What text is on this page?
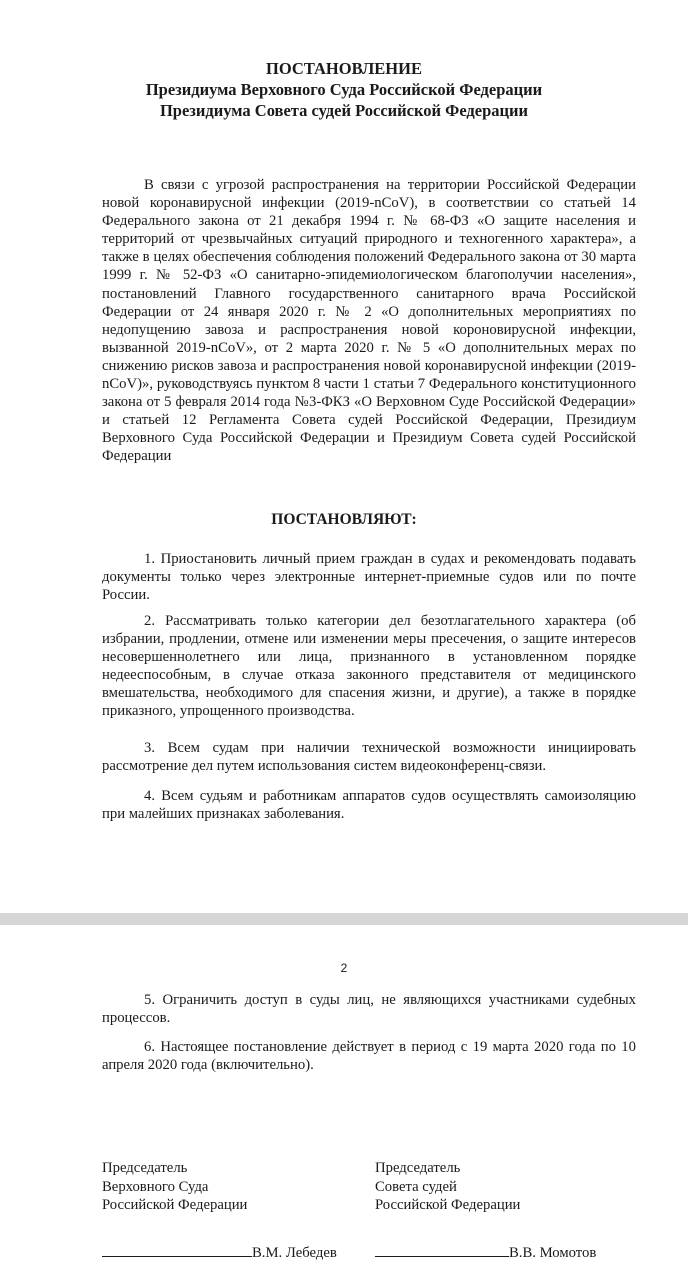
ПОСТАНОВЛЕНИЕ
Президиума Верховного Суда Российской Федерации
Президиума Совета судей Российской Федерации
В связи с угрозой распространения на территории Российской Федерации новой коронавирусной инфекции (2019-nCoV), в соответствии со статьей 14 Федерального закона от 21 декабря 1994 г. № 68-ФЗ «О защите населения и территорий от чрезвычайных ситуаций природного и техногенного характера», а также в целях обеспечения соблюдения положений Федерального закона от 30 марта 1999 г. № 52-ФЗ «О санитарно-эпидемиологическом благополучии населения», постановлений Главного государственного санитарного врача Российской Федерации от 24 января 2020 г. № 2 «О дополнительных мероприятиях по недопущению завоза и распространения новой короновирусной инфекции, вызванной 2019-nCoV», от 2 марта 2020 г. № 5 «О дополнительных мерах по снижению рисков завоза и распространения новой коронавирусной инфекции (2019-nCoV)», руководствуясь пунктом 8 части 1 статьи 7 Федерального конституционного закона от 5 февраля 2014 года №3-ФКЗ «О Верховном Суде Российской Федерации» и статьей 12 Регламента Совета судей Российской Федерации, Президиум Верховного Суда Российской Федерации и Президиум Совета судей Российской Федерации
ПОСТАНОВЛЯЮТ:
1. Приостановить личный прием граждан в судах и рекомендовать подавать документы только через электронные интернет-приемные судов или по почте России.
2. Рассматривать только категории дел безотлагательного характера (об избрании, продлении, отмене или изменении меры пресечения, о защите интересов несовершеннолетнего или лица, признанного в установленном порядке недееспособным, в случае отказа законного представителя от медицинского вмешательства, необходимого для спасения жизни, и другие), а также в порядке приказного, упрощенного производства.
3. Всем судам при наличии технической возможности инициировать рассмотрение дел путем использования систем видеоконференц-связи.
4. Всем судьям и работникам аппаратов судов осуществлять самоизоляцию при малейших признаках заболевания.
2
5. Ограничить доступ в суды лиц, не являющихся участниками судебных процессов.
6. Настоящее постановление действует в период с 19 марта 2020 года по 10 апреля 2020 года (включительно).
Председатель
Верховного Суда
Российской Федерации
Председатель
Совета судей
Российской Федерации
В.М. Лебедев	В.В. Момотов
